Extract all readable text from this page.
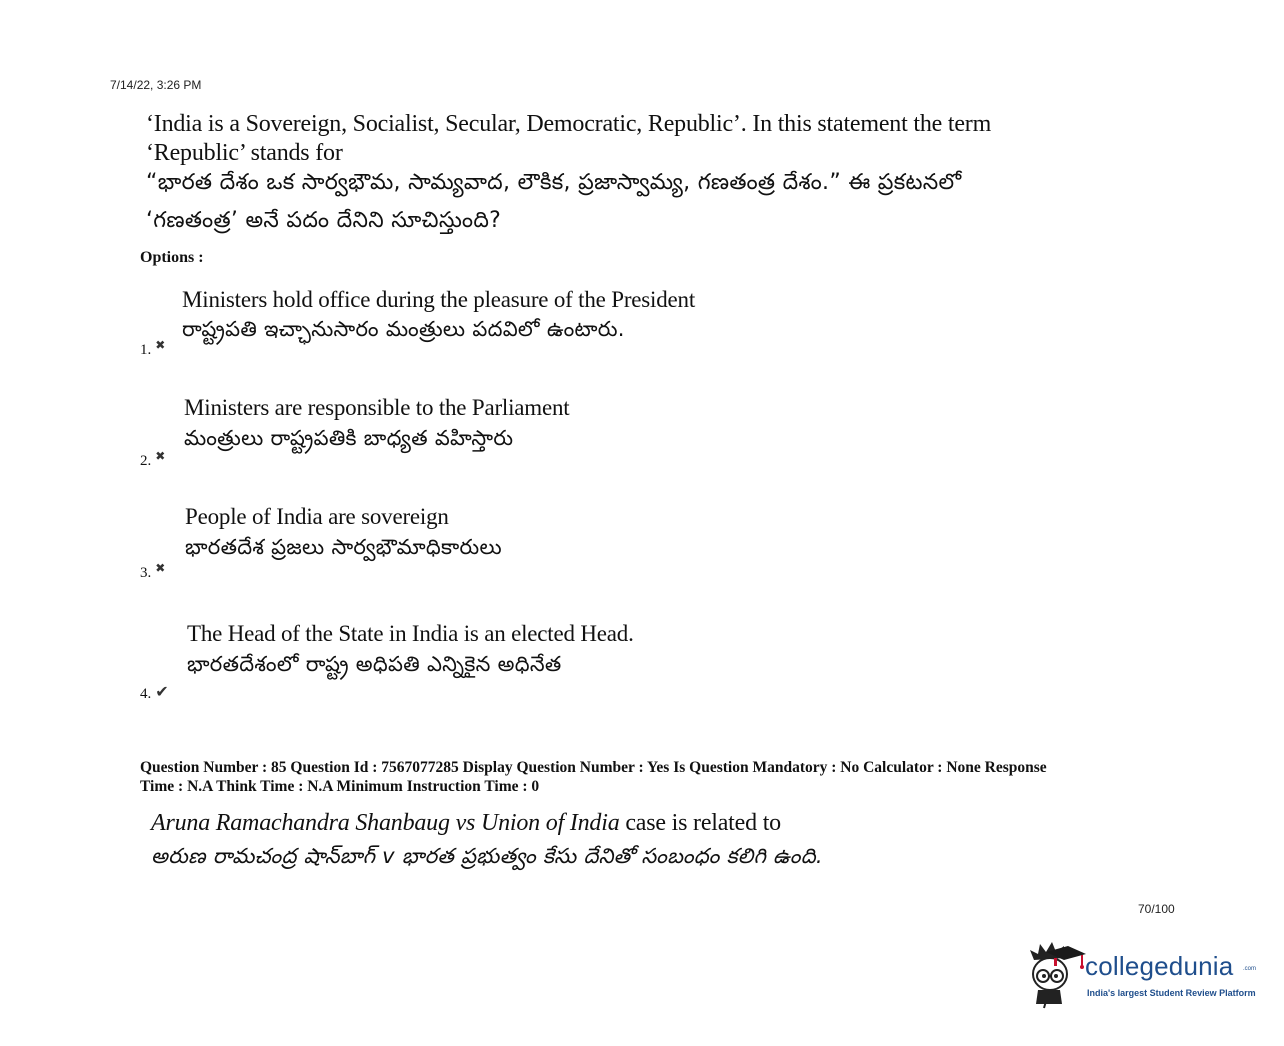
7/14/22, 3:26 PM
‘India is a Sovereign, Socialist, Secular, Democratic, Republic’. In this statement the term ‘Republic’ stands for
“భారత దేశం ఒక సార్వభౌమ, సామ్యవాద, లౌకిక, ప్రజాస్వామ్య, గణతంత్ర దేశం.” ఈ ప్రకటనలో
‘గణతంత్ర’ అనే పదం దేనిని సూచిస్తుంది?
Options :
Ministers hold office during the pleasure of the President
రాష్ట్రపతి ఇచ్ఛానుసారం మంత్రులు పదవిలో ఉంటారు.
1. ✖
Ministers are responsible to the Parliament
మంత్రులు రాష్ట్రపతికి బాధ్యత వహిస్తారు
2. ✖
People of India are sovereign
భారతదేశ ప్రజలు సార్వభౌమాధికారులు
3. ✖
The Head of the State in India is an elected Head.
భారతదేశంలో రాష్ట్ర అధిపతి ఎన్నికైన అధినేత
4. ✔
Question Number : 85 Question Id : 7567077285 Display Question Number : Yes Is Question Mandatory : No Calculator : None Response
Time : N.A Think Time : N.A Minimum Instruction Time : 0
Aruna Ramachandra Shanbaug vs Union of India case is related to
అరుణ రామచంద్ర షాన్‌బాగ్ v భారత ప్రభుత్వం కేసు దేనితో సంబంధం కలిగి ఉంది.
70/100
collegedunia .com
India's largest Student Review Platform
